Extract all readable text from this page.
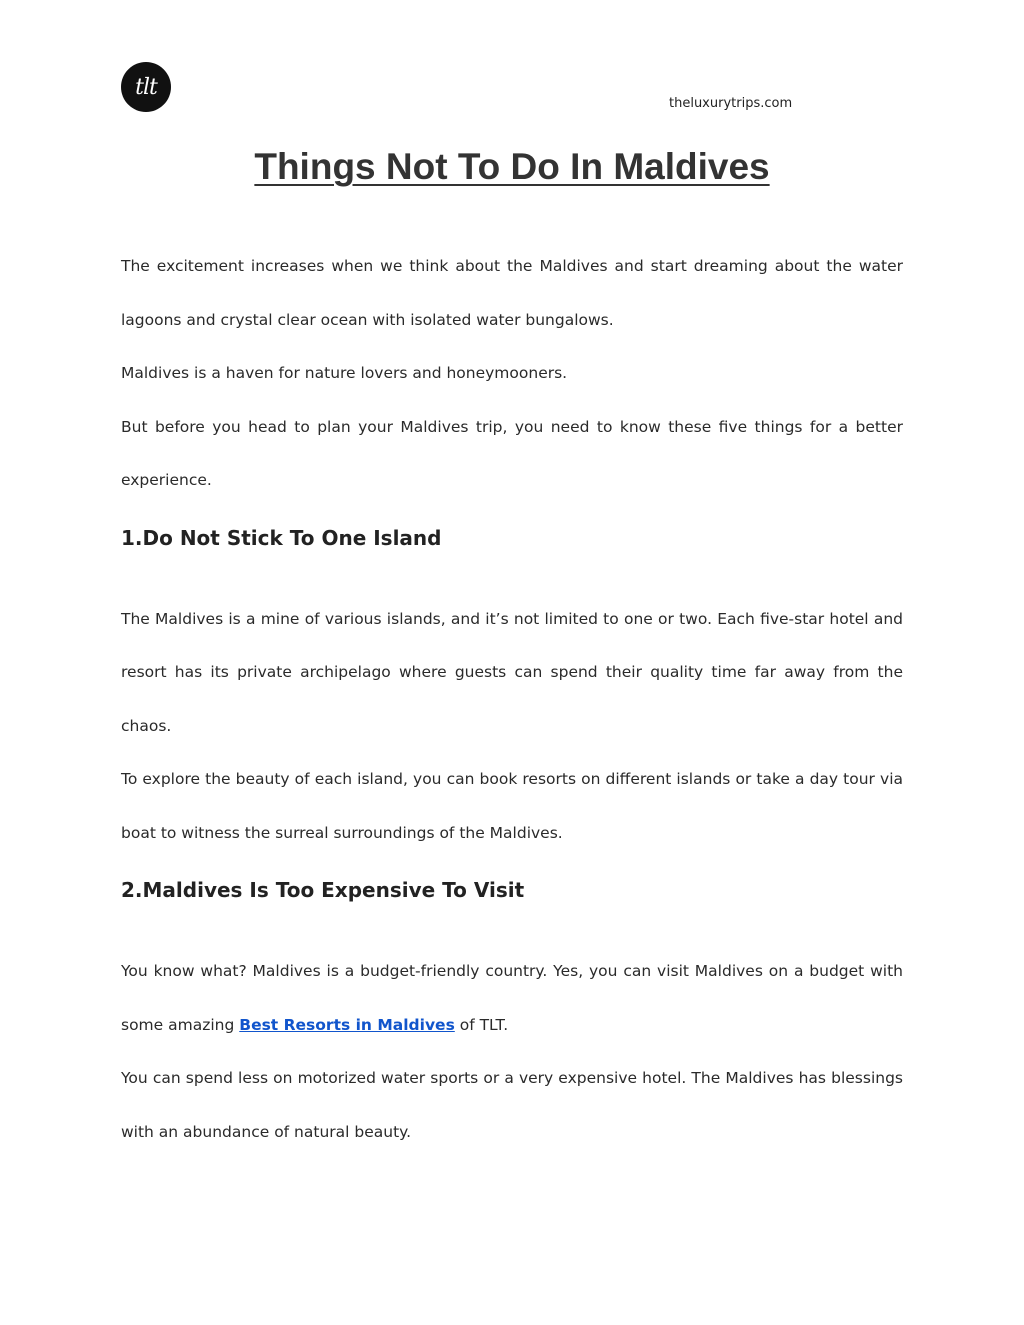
tlt
theluxurytrips.com
Things Not To Do In Maldives

The excitement increases when we think about the Maldives and start dreaming about the water lagoons and crystal clear ocean with isolated water bungalows.

Maldives is a haven for nature lovers and honeymooners.

But before you head to plan your Maldives trip, you need to know these five things for a better experience.

1.Do Not Stick To One Island

The Maldives is a mine of various islands, and it’s not limited to one or two. Each five-star hotel and resort has its private archipelago where guests can spend their quality time far away from the chaos.

To explore the beauty of each island, you can book resorts on different islands or take a day tour via boat to witness the surreal surroundings of the Maldives.

2.Maldives Is Too Expensive To Visit

You know what? Maldives is a budget-friendly country. Yes, you can visit Maldives on a budget with some amazing Best Resorts in Maldives of TLT.

You can spend less on motorized water sports or a very expensive hotel. The Maldives has blessings with an abundance of natural beauty.
